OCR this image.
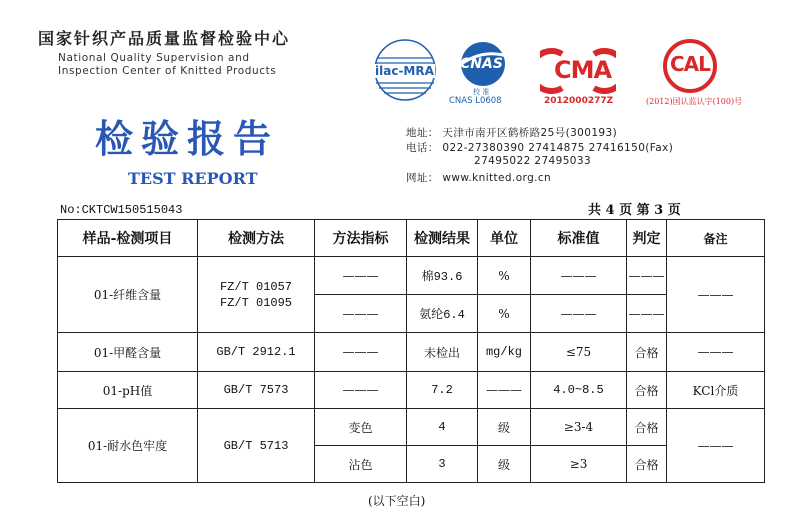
国家针织产品质量监督检验中心
National Quality Supervision and
Inspection Center of Knitted Products	ilac-MRA CNAS
校 准
CNAS L0608
CMA
2012000277Z
CAL
(2012)国认监认字(100)号
检验报告
TEST REPORT
地址： 天津市南开区鹤桥路25号(300193)
电话： 022-27380390 27414875 27416150(Fax)
27495022 27495033
网址： www.knitted.org.cn
No:CKTCW150515043	共 4 页 第 3 页
样品-检测项目	检测方法	方法指标	检测结果	单位	标准值	判定	备注
01-纤维含量	FZ/T 01057
FZ/T 01095	———	棉93.6	%	———	———	———
		———	氨纶6.4	%	———	———	
01-甲醛含量	GB/T 2912.1	———	未检出	mg/kg	≤75	合格	———
01-pH值	GB/T 7573	———	7.2	———	4.0~8.5	合格	KCl介质
01-耐水色牢度	GB/T 5713	变色	4	级	≥3-4	合格	———
		沾色	3	级	≥3	合格	
(以下空白)
